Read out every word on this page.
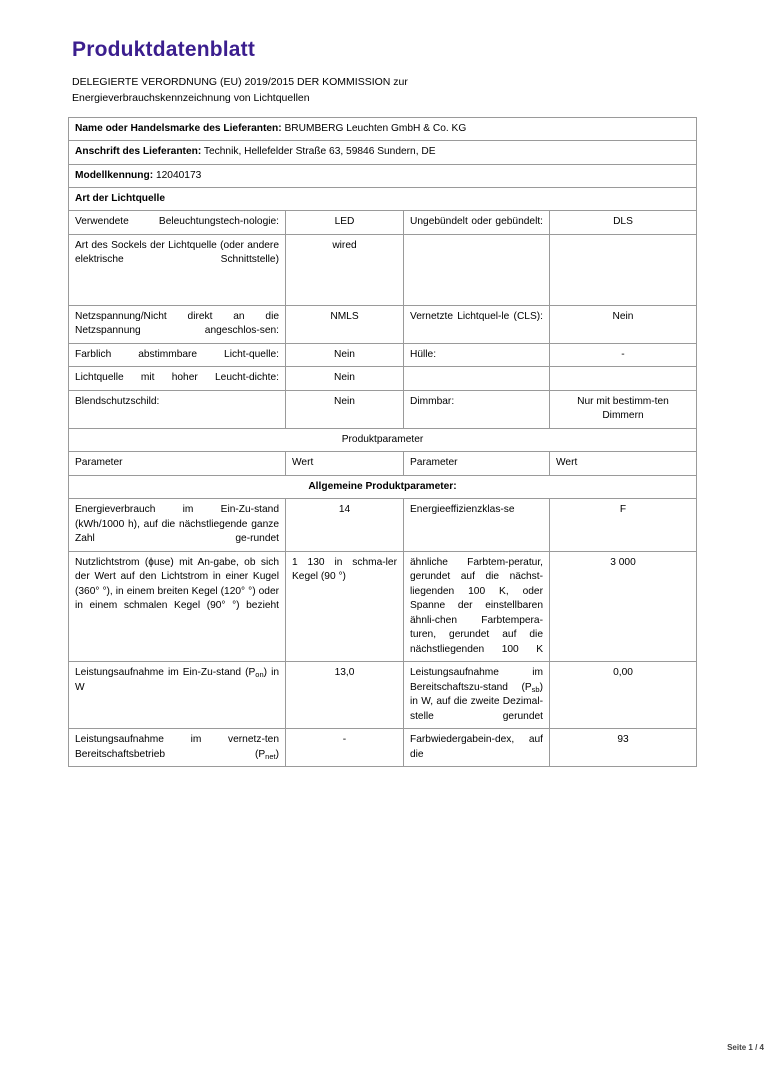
Produktdatenblatt

DELEGIERTE VERORDNUNG (EU) 2019/2015 DER KOMMISSION zur
Energieverbrauchskennzeichnung von Lichtquellen

Name oder Handelsmarke des Lieferanten: BRUMBERG Leuchten GmbH & Co. KG			
Anschrift des Lieferanten: Technik, Hellefelder Straße 63, 59846 Sundern, DE			
Modellkennung: 12040173			
Art der Lichtquelle			
Verwendete Beleuchtungstech-nologie:	LED	Ungebündelt oder gebündelt:	DLS
Art des Sockels der Lichtquelle (oder andere elektrische Schnittstelle)	wired		
Netzspannung/Nicht direkt an die Netzspannung angeschlos-sen:	NMLS	Vernetzte Lichtquel-le (CLS):	Nein
Farblich abstimmbare Licht-quelle:	Nein	Hülle:	-
Lichtquelle mit hoher Leucht-dichte:	Nein		
Blendschutzschild:	Nein	Dimmbar:	Nur mit bestimm-ten Dimmern
Produktparameter			
Parameter	Wert	Parameter	Wert
Allgemeine Produktparameter:			
Energieverbrauch im Ein-Zu-stand (kWh/1000 h), auf die nächstliegende ganze Zahl ge-rundet	14	Energieeffizienzklas-se	F
Nutzlichtstrom (ɸuse) mit An-gabe, ob sich der Wert auf den Lichtstrom in einer Kugel (360° °), in einem breiten Kegel (120° °) oder in einem schmalen Kegel (90° °) bezieht	1 130 in schma-ler Kegel (90 °)	ähnliche Farbtem-peratur, gerundet auf die nächst-liegenden 100 K, oder Spanne der einstellbaren ähnli-chen Farbtempera-turen, gerundet auf die nächstliegenden 100 K	3 000
Leistungsaufnahme im Ein-Zu-stand $(P_{on})$ in W	13,0	Leistungsaufnahme im Bereitschaftszu-stand $(P_{sb})$ in W, auf die zweite Dezimal-stelle gerundet	0,00
Leistungsaufnahme im vernetz-ten Bereitschaftsbetrieb $(P_{net})$	-	Farbwiedergabein-dex, auf die	93
Seite 1 / 4
